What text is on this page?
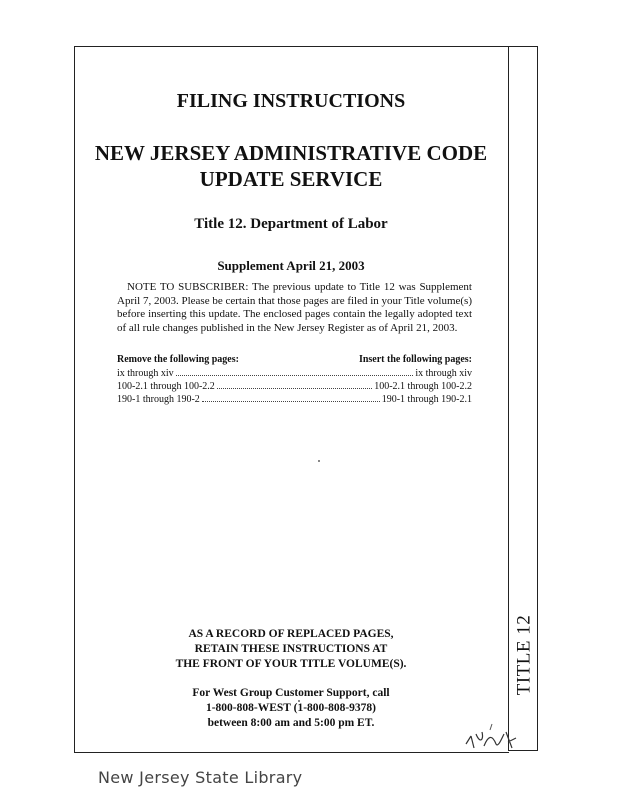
TITLE 12
FILING INSTRUCTIONS
NEW JERSEY ADMINISTRATIVE CODE
UPDATE SERVICE
Title 12. Department of Labor
Supplement April 21, 2003
NOTE TO SUBSCRIBER: The previous update to Title 12 was Supplement April 7, 2003. Please be certain that those pages are filed in your Title volume(s) before inserting this update. The enclosed pages contain the legally adopted text of all rule changes published in the New Jersey Register as of April 21, 2003.
Remove the following pages:	Insert the following pages:
ix through xiv	ix through xiv
100-2.1 through 100-2.2	100-2.1 through 100-2.2
190-1 through 190-2	190-1 through 190-2.1
AS A RECORD OF REPLACED PAGES,
RETAIN THESE INSTRUCTIONS AT
THE FRONT OF YOUR TITLE VOLUME(S).
For West Group Customer Support, call
1-800-808-WEST (1-800-808-9378)
between 8:00 am and 5:00 pm ET.
New Jersey State Library
